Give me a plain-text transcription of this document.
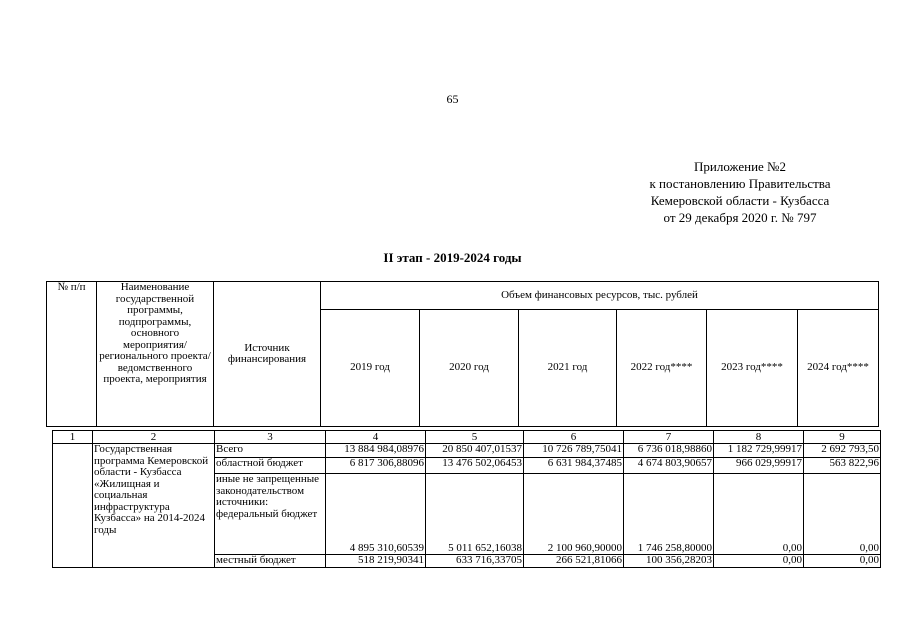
65
Приложение №2
к постановлению Правительства
Кемеровской области - Кузбасса
от 29 декабря 2020 г. № 797
II этап - 2019-2024 годы
№ п/п	Наименование государственной программы, подпрограммы, основного мероприятия/ регионального проекта/ ведомственного проекта, мероприятия	Источник финансирования	Объем финансовых ресурсов, тыс. рублей					
			2019 год	2020 год	2021 год	2022 год****	2023 год****	2024 год****
1	2	3	4	5	6	7	8	9
	Государственная программа Кемеровской области - Кузбасса «Жилищная и социальная инфраструктура Кузбасса» на 2014-2024 годы	Всего	13 884 984,08976	20 850 407,01537	10 726 789,75041	6 736 018,98860	1 182 729,99917	2 692 793,50
		областной бюджет	6 817 306,88096	13 476 502,06453	6 631 984,37485	4 674 803,90657	966 029,99917	563 822,96
		иные не запрещенные законодательством источники: федеральный бюджет	4 895 310,60539	5 011 652,16038	2 100 960,90000	1 746 258,80000	0,00	0,00
		местный бюджет	518 219,90341	633 716,33705	266 521,81066	100 356,28203	0,00	0,00
